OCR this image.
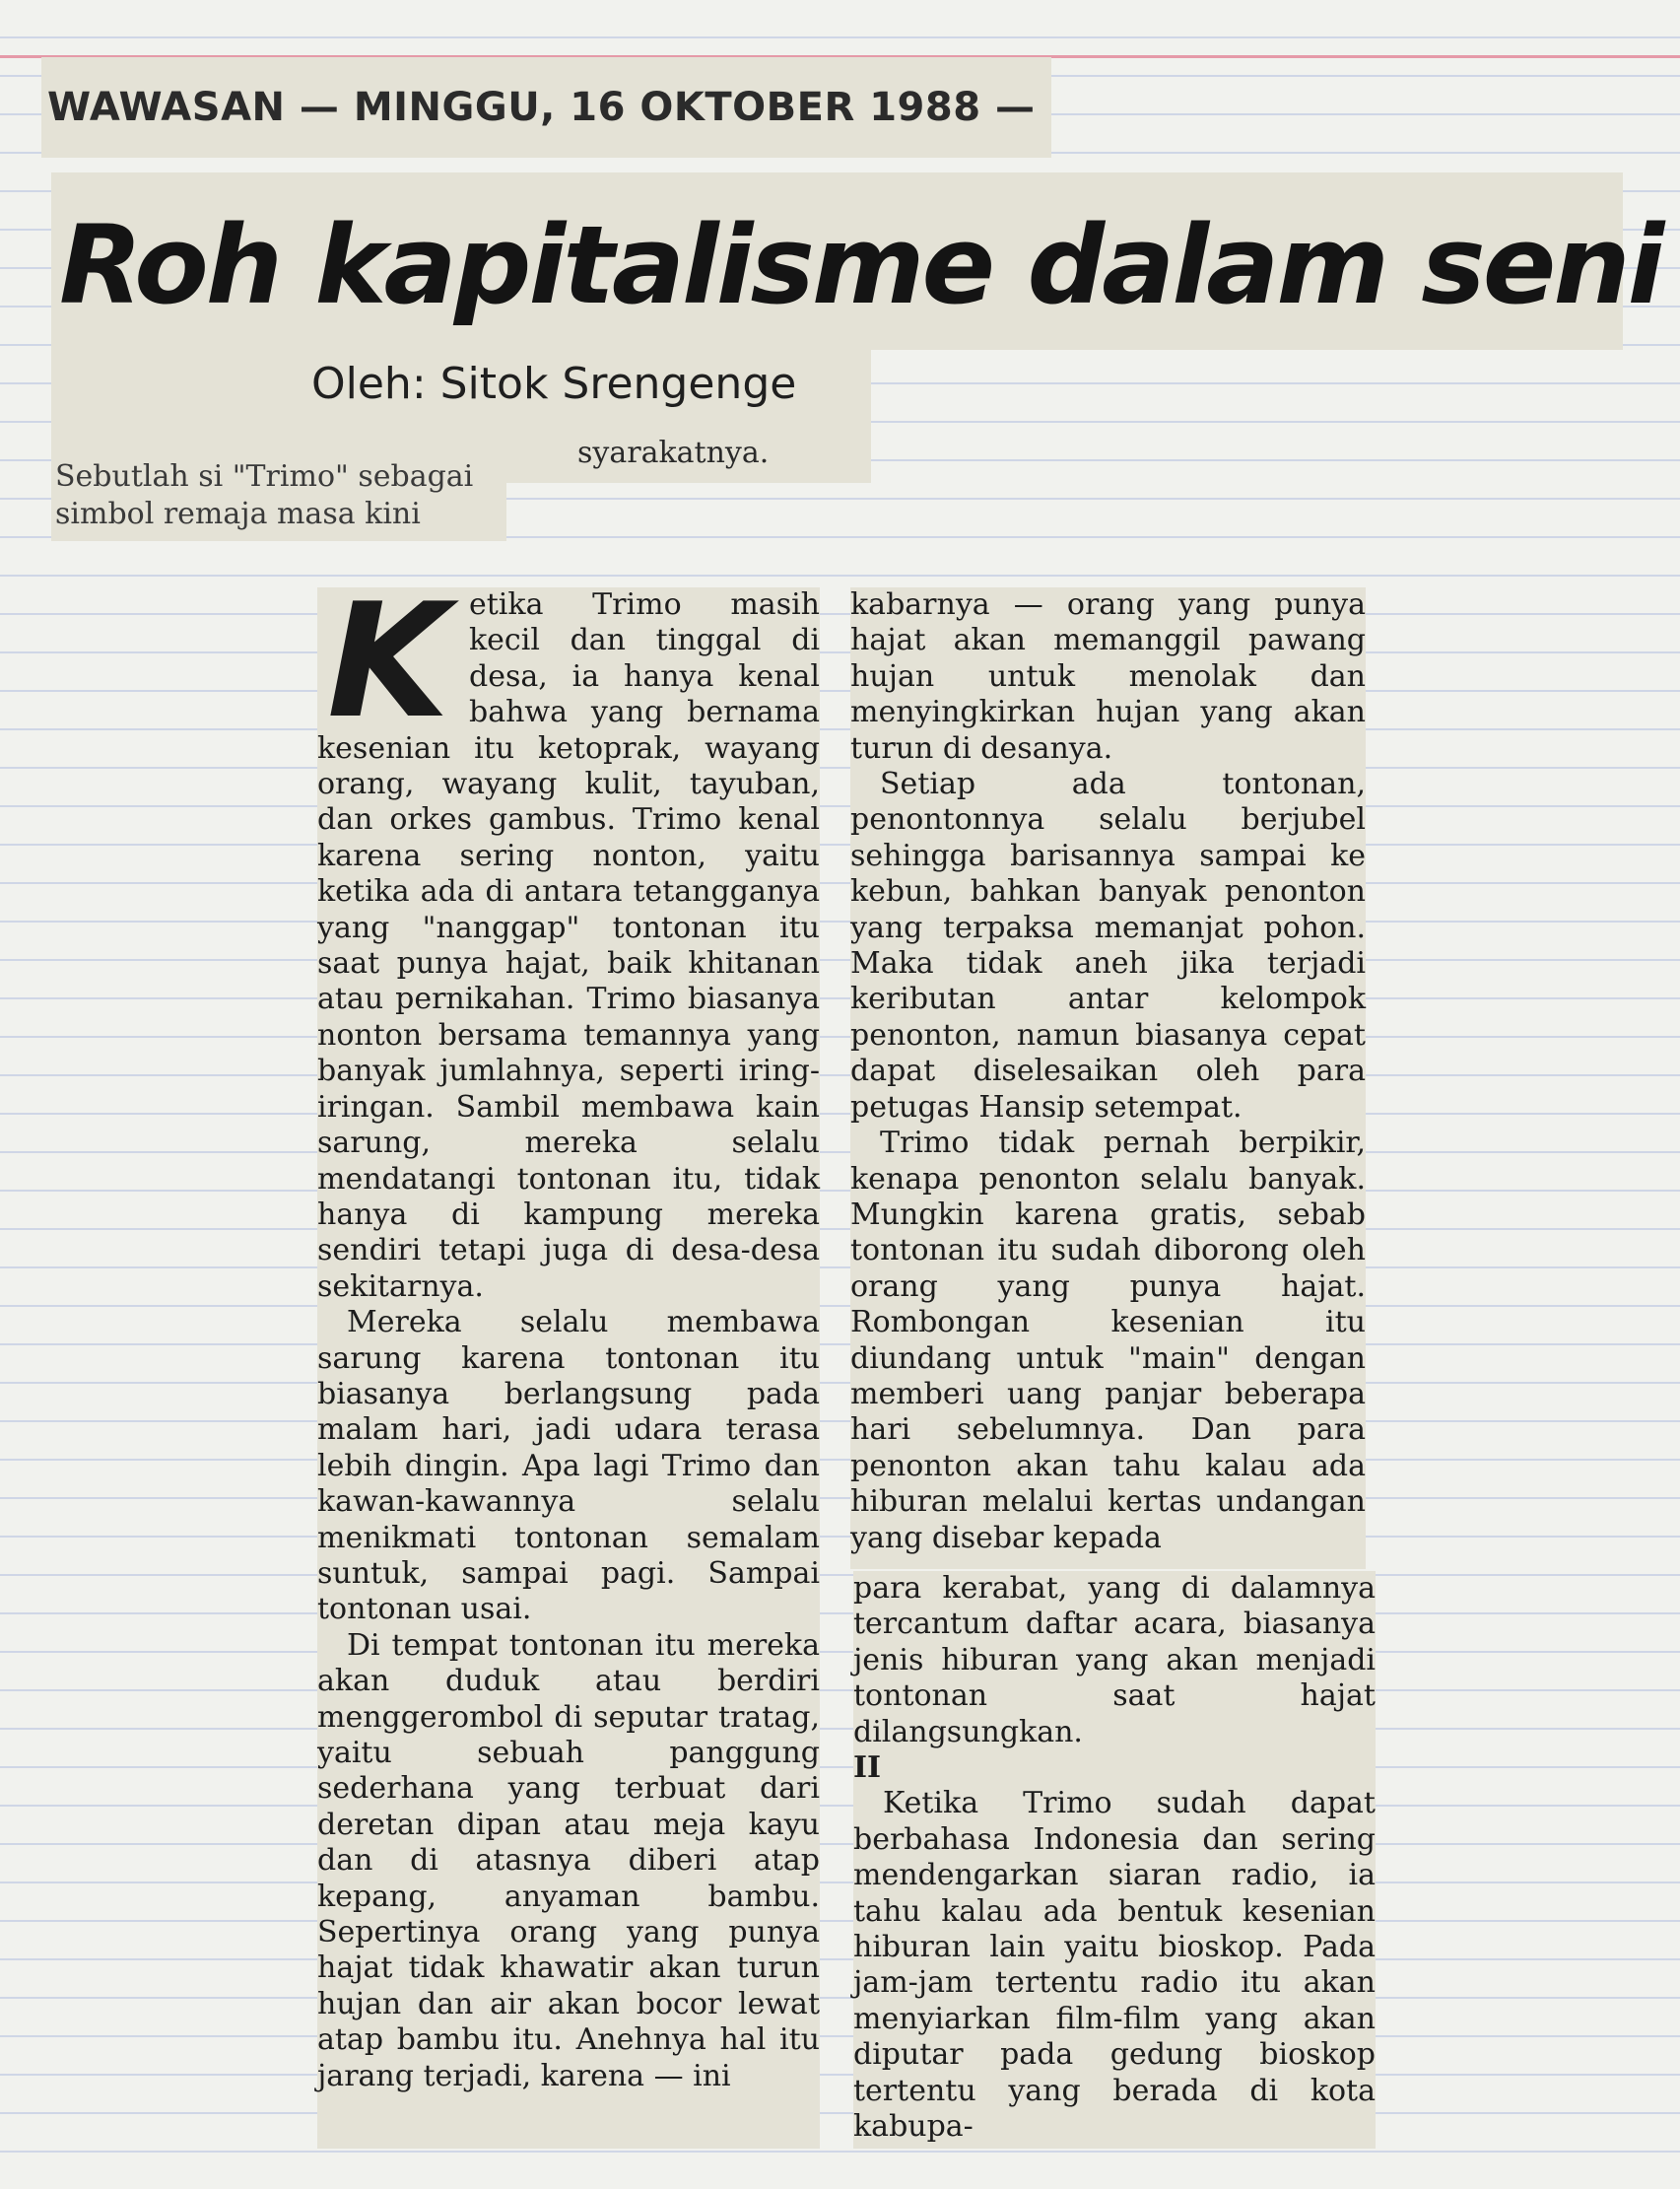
WAWASAN — MINGGU, 16 OKTOBER 1988 —
Roh kapitalisme dalam seni
Oleh: Sitok Srengenge

Sebutlah si "Trimo" sebagai simbol remaja masa kini

syarakatnya.

Ketika Trimo masih kecil dan tinggal di desa, ia hanya kenal bahwa yang bernama kesenian itu ketoprak, wayang orang, wayang kulit, tayuban, dan orkes gambus. Trimo kenal karena sering nonton, yaitu ketika ada di antara tetangganya yang "nanggap" tontonan itu saat punya hajat, baik khitanan atau pernikahan. Trimo biasanya nonton bersama temannya yang banyak jumlahnya, seperti iring-iringan. Sambil membawa kain sarung, mereka selalu mendatangi tontonan itu, tidak hanya di kampung mereka sendiri tetapi juga di desa-desa sekitarnya.

Mereka selalu membawa sarung karena tontonan itu biasanya berlangsung pada malam hari, jadi udara terasa lebih dingin. Apa lagi Trimo dan kawan-kawannya selalu menikmati tontonan semalam suntuk, sampai pagi. Sampai tontonan usai.

Di tempat tontonan itu mereka akan duduk atau berdiri menggerombol di seputar tratag, yaitu sebuah panggung sederhana yang terbuat dari deretan dipan atau meja kayu dan di atasnya diberi atap kepang, anyaman bambu. Sepertinya orang yang punya hajat tidak khawatir akan turun hujan dan air akan bocor lewat atap bambu itu. Anehnya hal itu jarang terjadi, karena — ini

kabarnya — orang yang punya hajat akan memanggil pawang hujan untuk menolak dan menyingkirkan hujan yang akan turun di desanya.

Setiap ada tontonan, penontonnya selalu berjubel sehingga barisannya sampai ke kebun, bahkan banyak penonton yang terpaksa memanjat pohon. Maka tidak aneh jika terjadi keributan antar kelompok penonton, namun biasanya cepat dapat diselesaikan oleh para petugas Hansip setempat.

Trimo tidak pernah berpikir, kenapa penonton selalu banyak. Mungkin karena gratis, sebab tontonan itu sudah diborong oleh orang yang punya hajat. Rombongan kesenian itu diundang untuk "main" dengan memberi uang panjar beberapa hari sebelumnya. Dan para penonton akan tahu kalau ada hiburan melalui kertas undangan yang disebar kepada

para kerabat, yang di dalamnya tercantum daftar acara, biasanya jenis hiburan yang akan menjadi tontonan saat hajat dilangsungkan.

II

Ketika Trimo sudah dapat berbahasa Indonesia dan sering mendengarkan siaran radio, ia tahu kalau ada bentuk kesenian hiburan lain yaitu bioskop. Pada jam-jam tertentu radio itu akan menyiarkan film-film yang akan diputar pada gedung bioskop tertentu yang berada di kota kabupa-
